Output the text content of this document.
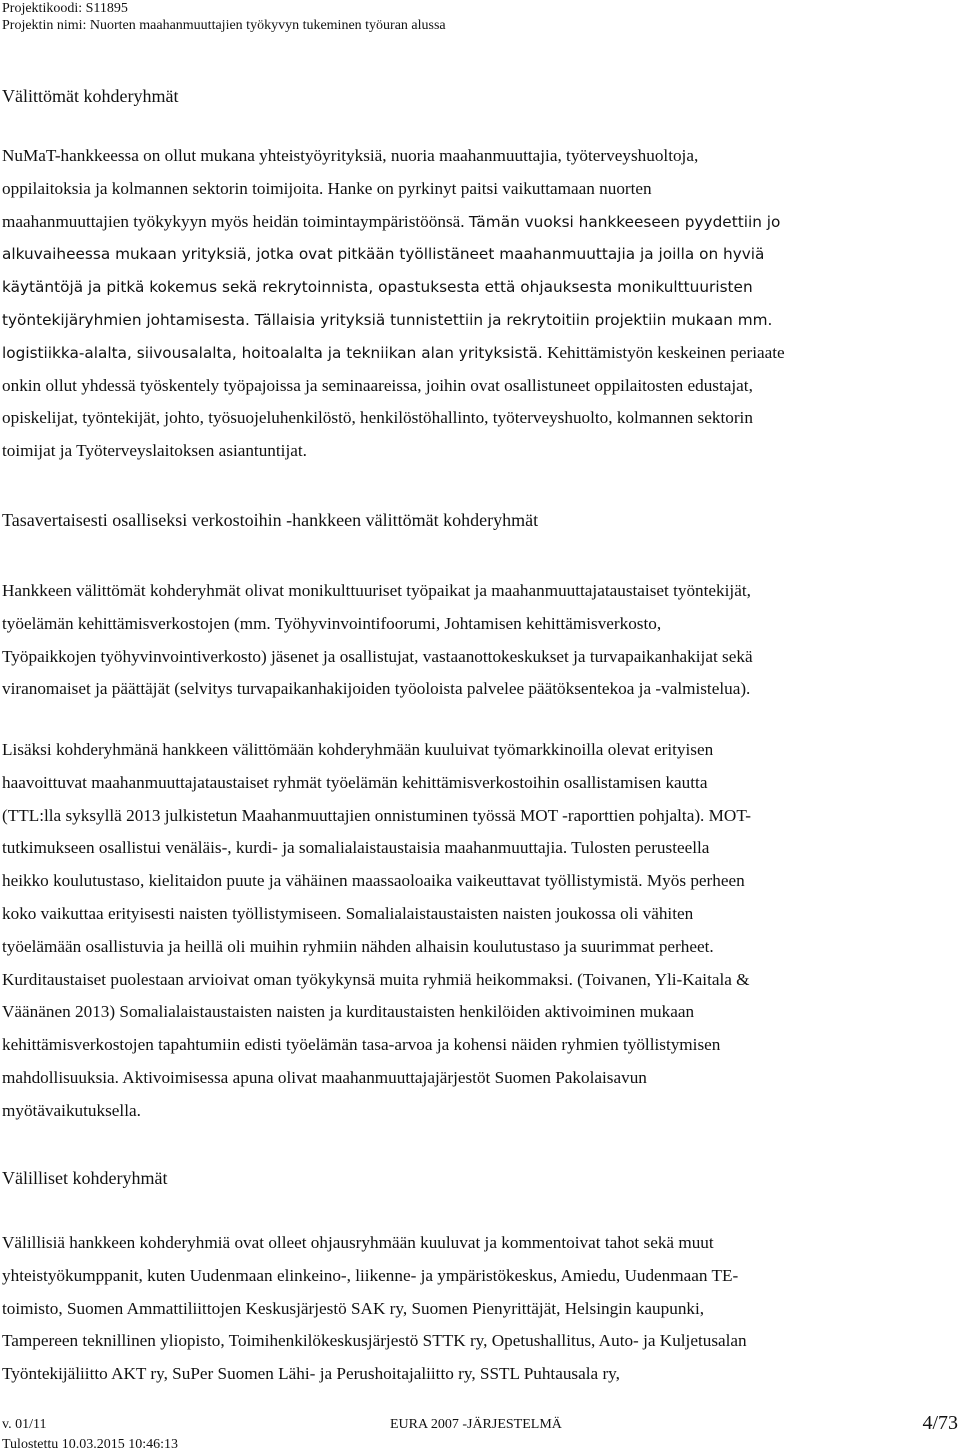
Projektikoodi: S11895
Projektin nimi: Nuorten maahanmuuttajien työkyvyn tukeminen työuran alussa
Välittömät kohderyhmät
NuMaT-hankkeessa on ollut mukana yhteistyöyrityksiä, nuoria maahanmuuttajia, työterveyshuoltoja,
oppilaitoksia ja kolmannen sektorin toimijoita. Hanke on pyrkinyt paitsi vaikuttamaan nuorten
maahanmuuttajien työkykyyn myös heidän toimintaympäristöönsä. Tämän vuoksi hankkeeseen pyydettiin jo
alkuvaiheessa mukaan yrityksiä, jotka ovat pitkään työllistäneet maahanmuuttajia ja joilla on hyviä
käytäntöjä ja pitkä kokemus sekä rekrytoinnista, opastuksesta että ohjauksesta monikulttuuristen
työntekijäryhmien johtamisesta. Tällaisia yrityksiä tunnistettiin ja rekrytoitiin projektiin mukaan mm.
logistiikka-alalta, siivousalalta, hoitoalalta ja tekniikan alan yrityksistä. Kehittämistyön keskeinen periaate
onkin ollut yhdessä työskentely työpajoissa ja seminaareissa, joihin ovat osallistuneet oppilaitosten edustajat,
opiskelijat, työntekijät, johto, työsuojeluhenkilöstö, henkilöstöhallinto, työterveyshuolto, kolmannen sektorin
toimijat ja Työterveyslaitoksen asiantuntijat.
Tasavertaisesti osalliseksi verkostoihin -hankkeen välittömät kohderyhmät
Hankkeen välittömät kohderyhmät olivat monikulttuuriset työpaikat ja maahanmuuttajataustaiset työntekijät,
työelämän kehittämisverkostojen (mm. Työhyvinvointifoorumi, Johtamisen kehittämisverkosto,
Työpaikkojen työhyvinvointiverkosto) jäsenet ja osallistujat, vastaanottokeskukset ja turvapaikanhakijat sekä
viranomaiset ja päättäjät (selvitys turvapaikanhakijoiden työoloista palvelee päätöksentekoa ja -valmistelua).
Lisäksi kohderyhmänä hankkeen välittömään kohderyhmään kuuluivat työmarkkinoilla olevat erityisen
haavoittuvat maahanmuuttajataustaiset ryhmät työelämän kehittämisverkostoihin osallistamisen kautta
(TTL:lla syksyllä 2013 julkistetun Maahanmuuttajien onnistuminen työssä MOT -raporttien pohjalta). MOT-
tutkimukseen osallistui venäläis-, kurdi- ja somalialaistaustaisia maahanmuuttajia. Tulosten perusteella
heikko koulutustaso, kielitaidon puute ja vähäinen maassaoloaika vaikeuttavat työllistymistä. Myös perheen
koko vaikuttaa erityisesti naisten työllistymiseen. Somalialaistaustaisten naisten joukossa oli vähiten
työelämään osallistuvia ja heillä oli muihin ryhmiin nähden alhaisin koulutustaso ja suurimmat perheet.
Kurditaustaiset puolestaan arvioivat oman työkykynsä muita ryhmiä heikommaksi. (Toivanen, Yli-Kaitala &
Väänänen 2013) Somalialaistaustaisten naisten ja kurditaustaisten henkilöiden aktivoiminen mukaan
kehittämisverkostojen tapahtumiin edisti työelämän tasa-arvoa ja kohensi näiden ryhmien työllistymisen
mahdollisuuksia. Aktivoimisessa apuna olivat maahanmuuttajajärjestöt Suomen Pakolaisavun
myötävaikutuksella.
Välilliset kohderyhmät
Välillisiä hankkeen kohderyhmiä ovat olleet ohjausryhmään kuuluvat ja kommentoivat tahot sekä muut
yhteistyökumppanit, kuten Uudenmaan elinkeino-, liikenne- ja ympäristökeskus, Amiedu, Uudenmaan TE-
toimisto, Suomen Ammattiliittojen Keskusjärjestö SAK ry, Suomen Pienyrittäjät, Helsingin kaupunki,
Tampereen teknillinen yliopisto, Toimihenkilökeskusjärjestö STTK ry, Opetushallitus, Auto- ja Kuljetusalan
Työntekijäliitto AKT ry, SuPer Suomen Lähi- ja Perushoitajaliitto ry, SSTL Puhtausala ry,
v. 01/11	EURA 2007 -JÄRJESTELMÄ	4/73
Tulostettu 10.03.2015 10:46:13
